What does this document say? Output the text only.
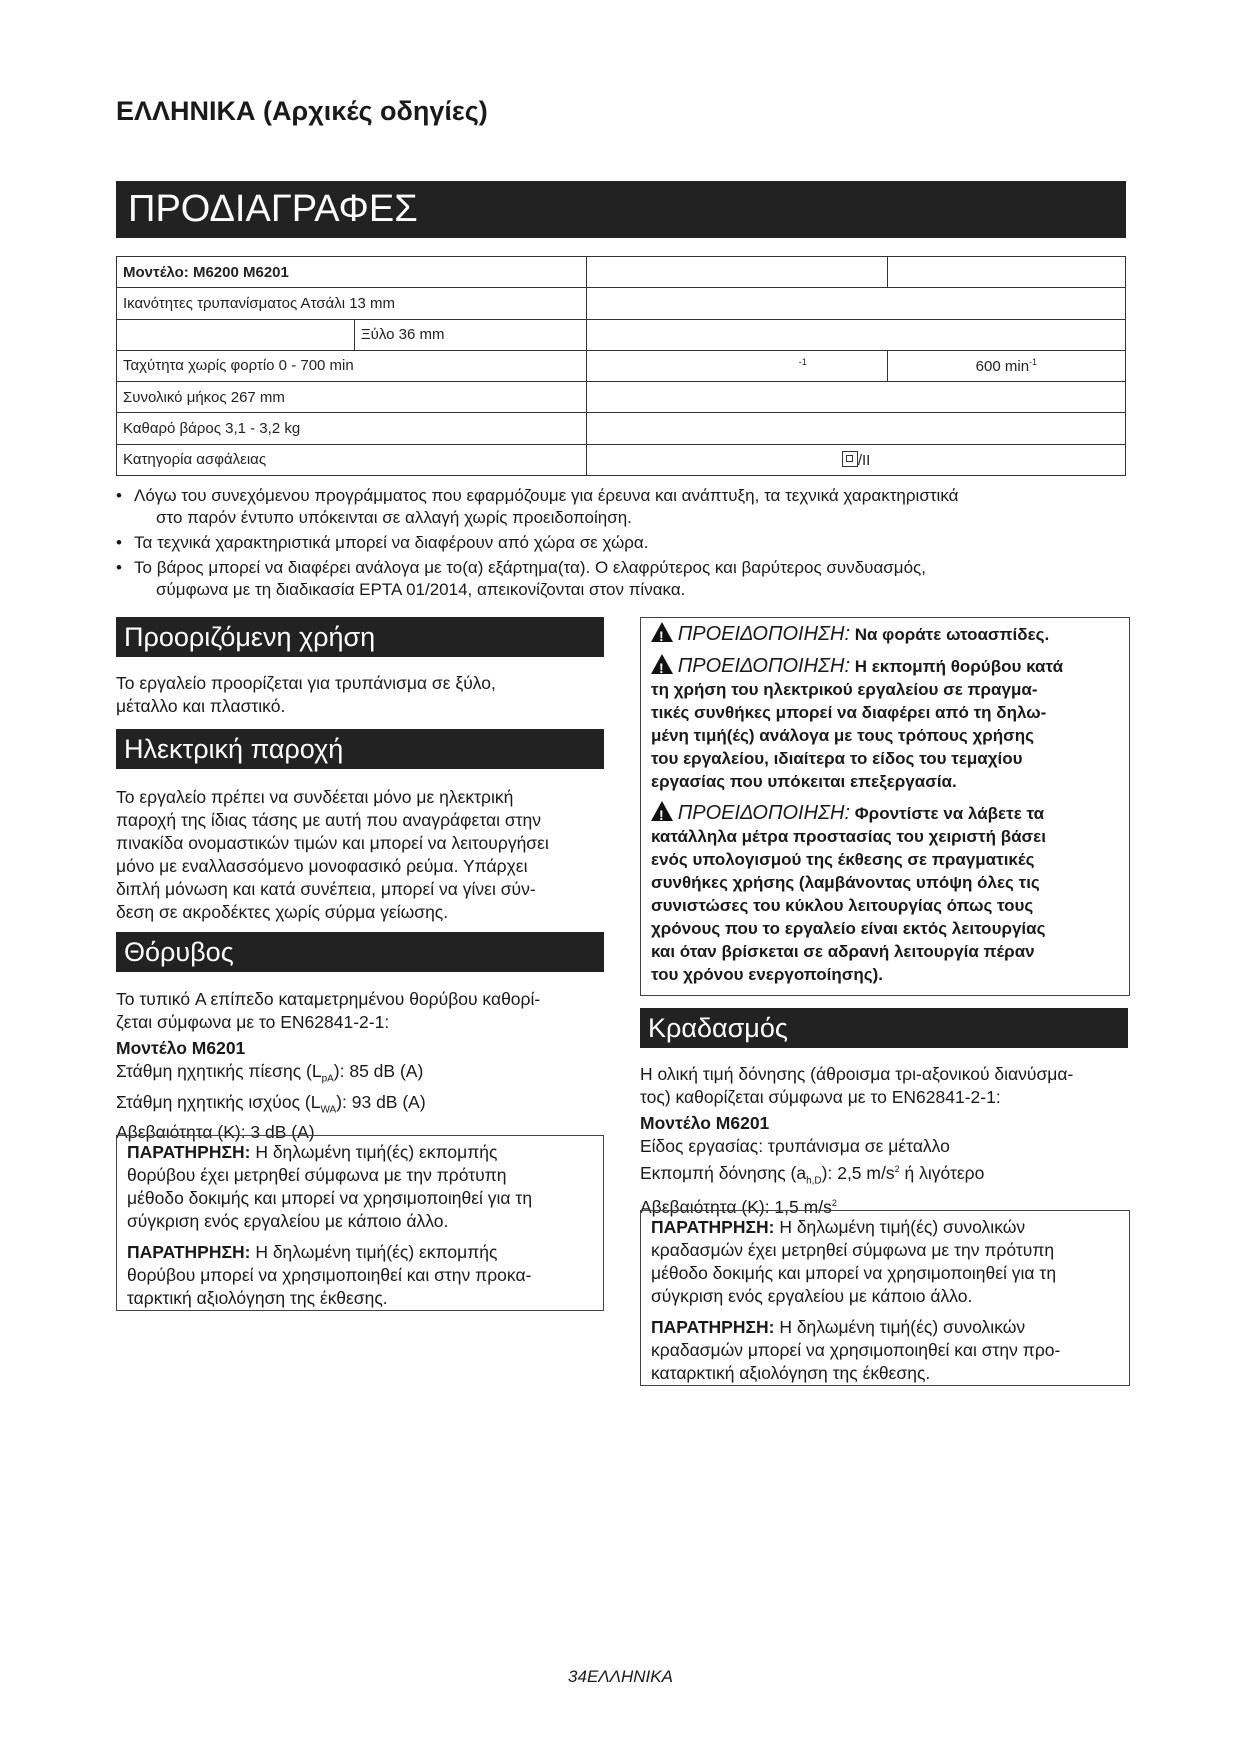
ΕΛΛΗΝΙΚΑ (Αρχικές οδηγίες)
ΠΡΟΔΙΑΓΡΑΦΕΣ
Μοντέλο: M6200 M6201			
Ικανότητες τρυπανίσματος Ατσάλι 13 mm			
	Ξύλο 36 mm		
Ταχύτητα χωρίς φορτίο 0 - 700 min		$^{-1}$	600 $\min^{-1}$
Συνολικό μήκος 267 mm			
Καθαρό βάρος 3,1 - 3,2 kg			
Κατηγορία ασφάλειας		/II	
• Λόγω του συνεχόμενου προγράμματος που εφαρμόζουμε για έρευνα και ανάπτυξη, τα τεχνικά χαρακτηριστικά
στο παρόν έντυπο υπόκεινται σε αλλαγή χωρίς προειδοποίηση.
• Τα τεχνικά χαρακτηριστικά μπορεί να διαφέρουν από χώρα σε χώρα.
• Το βάρος μπορεί να διαφέρει ανάλογα με το(α) εξάρτημα(τα). Ο ελαφρύτερος και βαρύτερος συνδυασμός,
σύμφωνα με τη διαδικασία EPTA 01/2014, απεικονίζονται στον πίνακα.
Προοριζόμενη χρήση
Το εργαλείο προορίζεται για τρυπάνισμα σε ξύλο,
μέταλλο και πλαστικό.
Ηλεκτρική παροχή
Το εργαλείο πρέπει να συνδέεται μόνο με ηλεκτρική
παροχή της ίδιας τάσης με αυτή που αναγράφεται στην
πινακίδα ονομαστικών τιμών και μπορεί να λειτουργήσει
μόνο με εναλλασσόμενο μονοφασικό ρεύμα. Υπάρχει
διπλή μόνωση και κατά συνέπεια, μπορεί να γίνει σύν-
δεση σε ακροδέκτες χωρίς σύρμα γείωσης.
Θόρυβος
Το τυπικό A επίπεδο καταμετρημένου θορύβου καθορί-
ζεται σύμφωνα με το EN62841-2-1:
Μοντέλο M6201
Στάθμη ηχητικής πίεσης $(L_{pA})$: 85 dB (A)
Στάθμη ηχητικής ισχύος $(L_{WA})$: 93 dB (A)
Αβεβαιότητα (K): 3 dB (A)
ΠΑΡΑΤΗΡΗΣΗ: Η δηλωμένη τιμή(ές) εκπομπής
θορύβου έχει μετρηθεί σύμφωνα με την πρότυπη
μέθοδο δοκιμής και μπορεί να χρησιμοποιηθεί για τη
σύγκριση ενός εργαλείου με κάποιο άλλο.
ΠΑΡΑΤΗΡΗΣΗ: Η δηλωμένη τιμή(ές) εκπομπής
θορύβου μπορεί να χρησιμοποιηθεί και στην προκα-
ταρκτική αξιολόγηση της έκθεσης.
! ΠΡΟΕΙΔΟΠΟΙΗΣΗ: Να φοράτε ωτοασπίδες.
! ΠΡΟΕΙΔΟΠΟΙΗΣΗ: Η εκπομπή θορύβου κατά
τη χρήση του ηλεκτρικού εργαλείου σε πραγμα-
τικές συνθήκες μπορεί να διαφέρει από τη δηλω-
μένη τιμή(ές) ανάλογα με τους τρόπους χρήσης
του εργαλείου, ιδιαίτερα το είδος του τεμαχίου
εργασίας που υπόκειται επεξεργασία.
! ΠΡΟΕΙΔΟΠΟΙΗΣΗ: Φροντίστε να λάβετε τα
κατάλληλα μέτρα προστασίας του χειριστή βάσει
ενός υπολογισμού της έκθεσης σε πραγματικές
συνθήκες χρήσης (λαμβάνοντας υπόψη όλες τις
συνιστώσες του κύκλου λειτουργίας όπως τους
χρόνους που το εργαλείο είναι εκτός λειτουργίας
και όταν βρίσκεται σε αδρανή λειτουργία πέραν
του χρόνου ενεργοποίησης).
Κραδασμός
Η ολική τιμή δόνησης (άθροισμα τρι-αξονικού διανύσμα-
τος) καθορίζεται σύμφωνα με το EN62841-2-1:
Μοντέλο M6201
Είδος εργασίας: τρυπάνισμα σε μέταλλο
Εκπομπή δόνησης $(a_{h,D})$: 2,5 $m/s^2$ ή λιγότερο
Αβεβαιότητα (K): 1,5 $m/s^2$
ΠΑΡΑΤΗΡΗΣΗ: Η δηλωμένη τιμή(ές) συνολικών
κραδασμών έχει μετρηθεί σύμφωνα με την πρότυπη
μέθοδο δοκιμής και μπορεί να χρησιμοποιηθεί για τη
σύγκριση ενός εργαλείου με κάποιο άλλο.
ΠΑΡΑΤΗΡΗΣΗ: Η δηλωμένη τιμή(ές) συνολικών
κραδασμών μπορεί να χρησιμοποιηθεί και στην προ-
καταρκτική αξιολόγηση της έκθεσης.
34ΕΛΛΗΝΙΚΑ
